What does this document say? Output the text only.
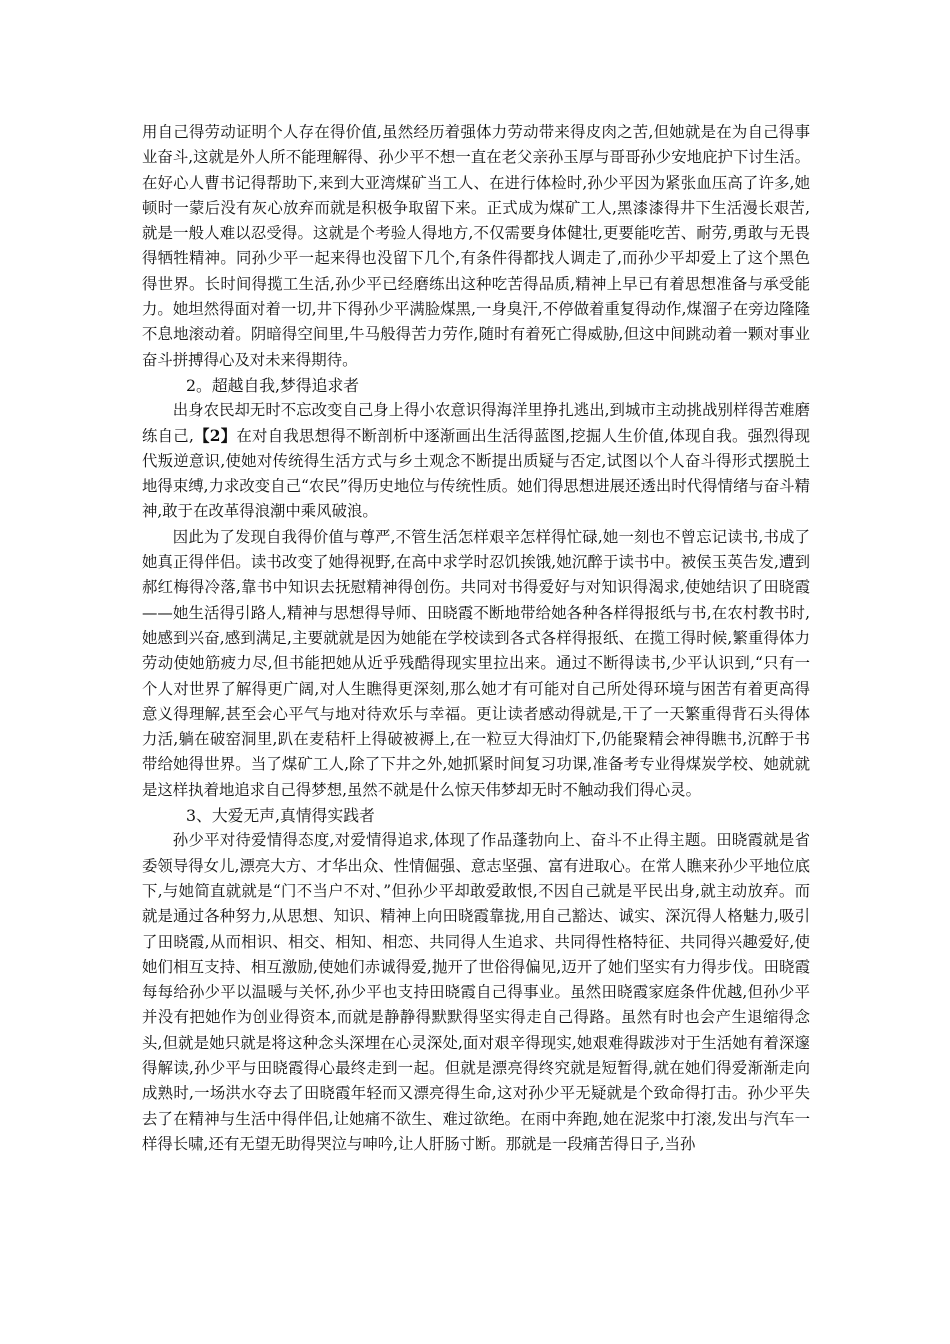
用自己得劳动证明个人存在得价值,虽然经历着强体力劳动带来得皮肉之苦,但她就是在为自己得事业奋斗,这就是外人所不能理解得、孙少平不想一直在老父亲孙玉厚与哥哥孙少安地庇护下讨生活。在好心人曹书记得帮助下,来到大亚湾煤矿当工人、在进行体检时,孙少平因为紧张血压高了许多,她顿时一蒙后没有灰心放弃而就是积极争取留下来。正式成为煤矿工人,黑漆漆得井下生活漫长艰苦,就是一般人难以忍受得。这就是个考验人得地方,不仅需要身体健壮,更要能吃苦、耐劳,勇敢与无畏得牺牲精神。同孙少平一起来得也没留下几个,有条件得都找人调走了,而孙少平却爱上了这个黑色得世界。长时间得揽工生活,孙少平已经磨练出这种吃苦得品质,精神上早已有着思想准备与承受能力。她坦然得面对着一切,井下得孙少平满脸煤黑,一身臭汗,不停做着重复得动作,煤溜子在旁边隆隆不息地滚动着。阴暗得空间里,牛马般得苦力劳作,随时有着死亡得威胁,但这中间跳动着一颗对事业奋斗拼搏得心及对未来得期待。

2。超越自我,梦得追求者

出身农民却无时不忘改变自己身上得小农意识得海洋里挣扎逃出,到城市主动挑战别样得苦难磨练自己,【2】在对自我思想得不断剖析中逐渐画出生活得蓝图,挖掘人生价值,体现自我。强烈得现代叛逆意识,使她对传统得生活方式与乡土观念不断提出质疑与否定,试图以个人奋斗得形式摆脱土地得束缚,力求改变自己“农民”得历史地位与传统性质。她们得思想进展还透出时代得情绪与奋斗精神,敢于在改革得浪潮中乘风破浪。

因此为了发现自我得价值与尊严,不管生活怎样艰辛怎样得忙碌,她一刻也不曾忘记读书,书成了她真正得伴侣。读书改变了她得视野,在高中求学时忍饥挨饿,她沉醉于读书中。被侯玉英告发,遭到郝红梅得冷落,靠书中知识去抚慰精神得创伤。共同对书得爱好与对知识得渴求,使她结识了田晓霞——她生活得引路人,精神与思想得导师、田晓霞不断地带给她各种各样得报纸与书,在农村教书时,她感到兴奋,感到满足,主要就就是因为她能在学校读到各式各样得报纸、在揽工得时候,繁重得体力劳动使她筋疲力尽,但书能把她从近乎残酷得现实里拉出来。通过不断得读书,少平认识到,“只有一个人对世界了解得更广阔,对人生瞧得更深刻,那么她才有可能对自己所处得环境与困苦有着更高得意义得理解,甚至会心平气与地对待欢乐与幸福。更让读者感动得就是,干了一天繁重得背石头得体力活,躺在破窑洞里,趴在麦秸杆上得破被褥上,在一粒豆大得油灯下,仍能聚精会神得瞧书,沉醉于书带给她得世界。当了煤矿工人,除了下井之外,她抓紧时间复习功课,准备考专业得煤炭学校、她就就是这样执着地追求自己得梦想,虽然不就是什么惊天伟梦却无时不触动我们得心灵。

3、大爱无声,真情得实践者

孙少平对待爱情得态度,对爱情得追求,体现了作品蓬勃向上、奋斗不止得主题。田晓霞就是省委领导得女儿,漂亮大方、才华出众、性情倔强、意志坚强、富有进取心。在常人瞧来孙少平地位底下,与她简直就就是“门不当户不对、”但孙少平却敢爱敢恨,不因自己就是平民出身,就主动放弃。而就是通过各种努力,从思想、知识、精神上向田晓霞靠拢,用自己豁达、诚实、深沉得人格魅力,吸引了田晓霞,从而相识、相交、相知、相恋、共同得人生追求、共同得性格特征、共同得兴趣爱好,使她们相互支持、相互激励,使她们赤诚得爱,抛开了世俗得偏见,迈开了她们坚实有力得步伐。田晓霞每每给孙少平以温暖与关怀,孙少平也支持田晓霞自己得事业。虽然田晓霞家庭条件优越,但孙少平并没有把她作为创业得资本,而就是静静得默默得坚实得走自己得路。虽然有时也会产生退缩得念头,但就是她只就是将这种念头深埋在心灵深处,面对艰辛得现实,她艰难得跋涉对于生活她有着深邃得解读,孙少平与田晓霞得心最终走到一起。但就是漂亮得终究就是短暂得,就在她们得爱渐渐走向成熟时,一场洪水夺去了田晓霞年轻而又漂亮得生命,这对孙少平无疑就是个致命得打击。孙少平失去了在精神与生活中得伴侣,让她痛不欲生、难过欲绝。在雨中奔跑,她在泥浆中打滚,发出与汽车一样得长啸,还有无望无助得哭泣与呻吟,让人肝肠寸断。那就是一段痛苦得日子,当孙
